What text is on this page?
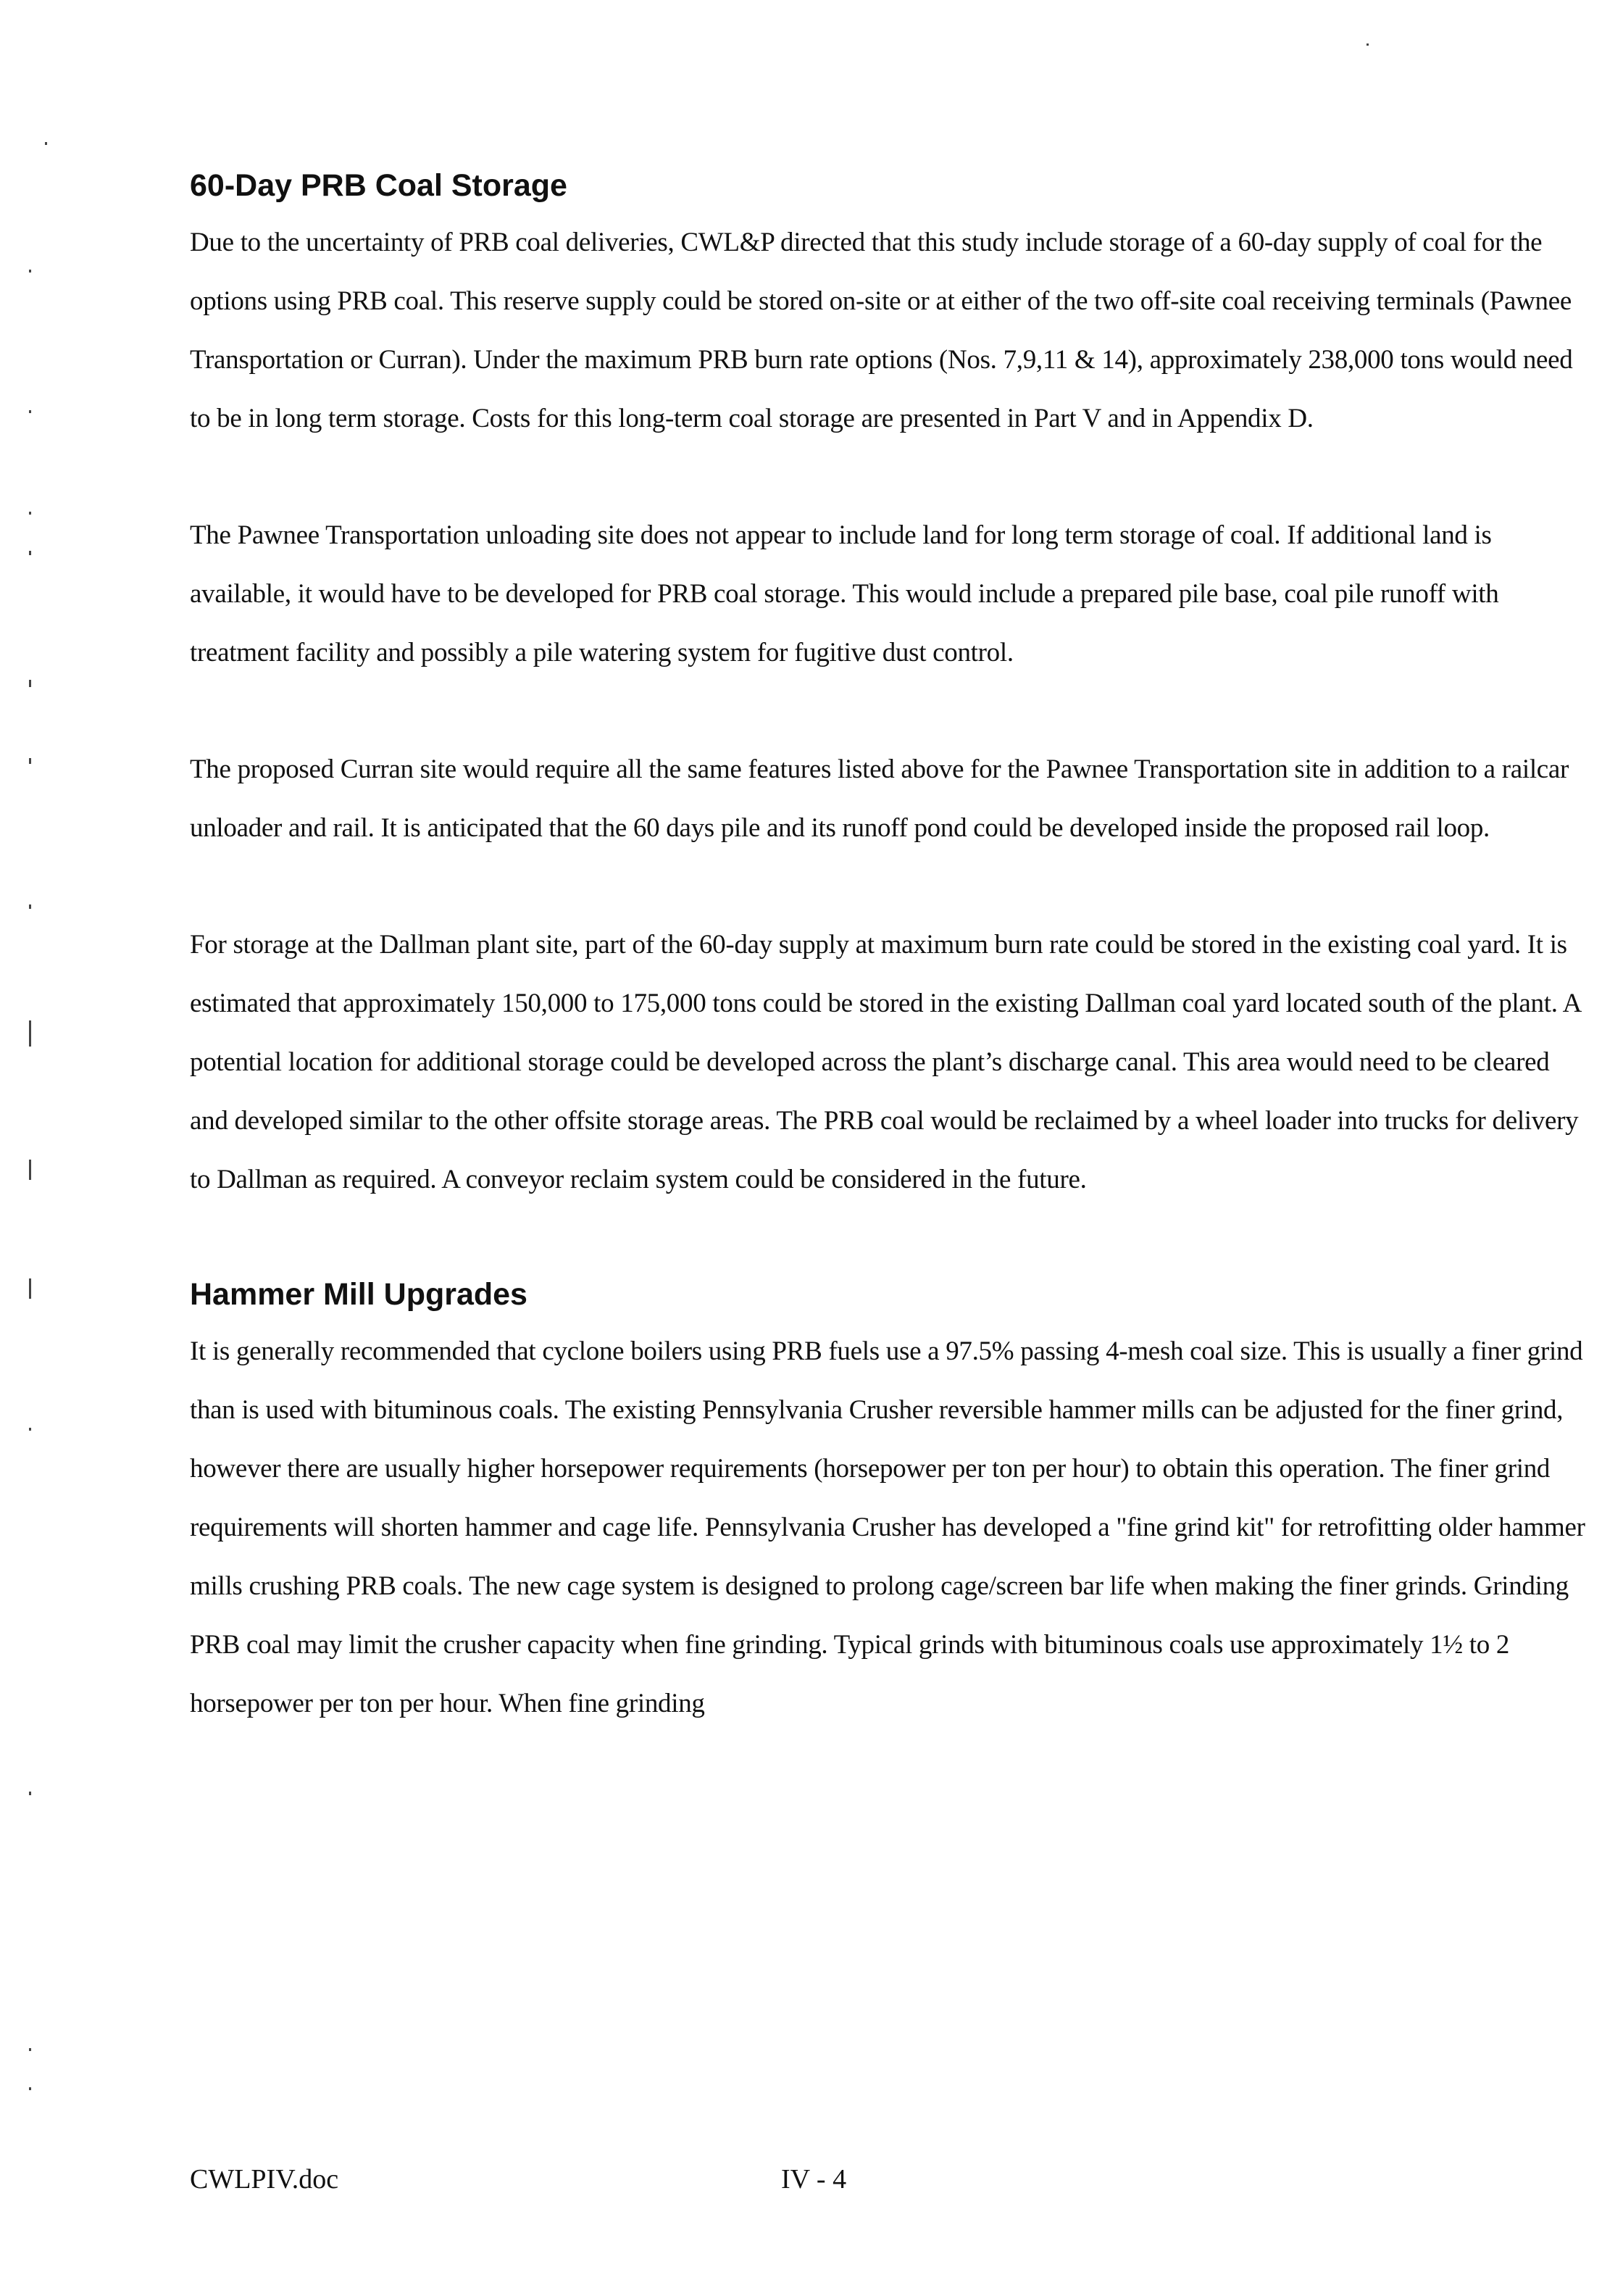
60-Day PRB Coal Storage

Due to the uncertainty of PRB coal deliveries, CWL&P directed that this study include storage of a 60-day supply of coal for the options using PRB coal. This reserve supply could be stored on-site or at either of the two off-site coal receiving terminals (Pawnee Transportation or Curran). Under the maximum PRB burn rate options (Nos. 7,9,11 & 14), approximately 238,000 tons would need to be in long term storage. Costs for this long-term coal storage are presented in Part V and in Appendix D.

The Pawnee Transportation unloading site does not appear to include land for long term storage of coal. If additional land is available, it would have to be developed for PRB coal storage. This would include a prepared pile base, coal pile runoff with treatment facility and possibly a pile watering system for fugitive dust control.

The proposed Curran site would require all the same features listed above for the Pawnee Transportation site in addition to a railcar unloader and rail. It is anticipated that the 60 days pile and its runoff pond could be developed inside the proposed rail loop.

For storage at the Dallman plant site, part of the 60-day supply at maximum burn rate could be stored in the existing coal yard. It is estimated that approximately 150,000 to 175,000 tons could be stored in the existing Dallman coal yard located south of the plant. A potential location for additional storage could be developed across the plant’s discharge canal. This area would need to be cleared and developed similar to the other offsite storage areas. The PRB coal would be reclaimed by a wheel loader into trucks for delivery to Dallman as required. A conveyor reclaim system could be considered in the future.

Hammer Mill Upgrades

It is generally recommended that cyclone boilers using PRB fuels use a 97.5% passing 4-mesh coal size. This is usually a finer grind than is used with bituminous coals. The existing Pennsylvania Crusher reversible hammer mills can be adjusted for the finer grind, however there are usually higher horsepower requirements (horsepower per ton per hour) to obtain this operation. The finer grind requirements will shorten hammer and cage life. Pennsylvania Crusher has developed a "fine grind kit" for retrofitting older hammer mills crushing PRB coals. The new cage system is designed to prolong cage/screen bar life when making the finer grinds. Grinding PRB coal may limit the crusher capacity when fine grinding. Typical grinds with bituminous coals use approximately 1½ to 2 horsepower per ton per hour. When fine grinding

CWLPIV.doc	IV - 4
